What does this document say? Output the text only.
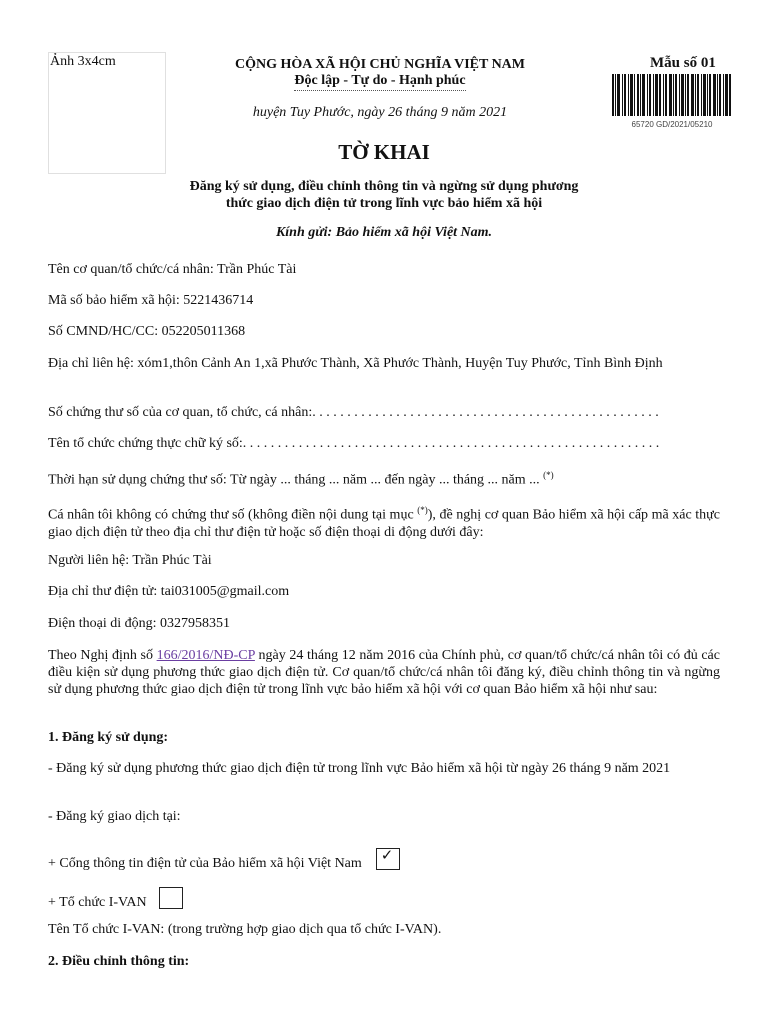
Ảnh 3x4cm	CỘNG HÒA XÃ HỘI CHỦ NGHĨA VIỆT NAM
Độc lập - Tự do - Hạnh phúc
huyện Tuy Phước, ngày 26 tháng 9 năm 2021
Mẫu số 01
65720 GD/2021/05210
TỜ KHAI
Đăng ký sử dụng, điều chỉnh thông tin và ngừng sử dụng phương
thức giao dịch điện tử trong lĩnh vực bảo hiểm xã hội
Kính gửi: Bảo hiểm xã hội Việt Nam.
Tên cơ quan/tổ chức/cá nhân: Trần Phúc Tài
Mã số bảo hiểm xã hội: 5221436714
Số CMND/HC/CC: 052205011368
Địa chỉ liên hệ: xóm1,thôn Cảnh An 1,xã Phước Thành, Xã Phước Thành, Huyện Tuy Phước, Tỉnh Bình Định
Số chứng thư số của cơ quan, tổ chức, cá nhân:. . . . . . . . . . . . . . . . . . . . . . . . . . . . . . . . . . . . . . . . . . . . . . . . . .
Tên tổ chức chứng thực chữ ký số:. . . . . . . . . . . . . . . . . . . . . . . . . . . . . . . . . . . . . . . . . . . . . . . . . . . . . . . . . . . .
Thời hạn sử dụng chứng thư số: Từ ngày ... tháng ... năm ... đến ngày ... tháng ... năm ... (*)
Cá nhân tôi không có chứng thư số (không điền nội dung tại mục (*)), đề nghị cơ quan Bảo hiểm xã hội cấp mã xác thực giao dịch điện tử theo địa chỉ thư điện tử hoặc số điện thoại di động dưới đây:
Người liên hệ: Trần Phúc Tài
Địa chỉ thư điện tử: tai031005@gmail.com
Điện thoại di động: 0327958351
Theo Nghị định số 166/2016/NĐ-CP ngày 24 tháng 12 năm 2016 của Chính phủ, cơ quan/tổ chức/cá nhân tôi có đủ các điều kiện sử dụng phương thức giao dịch điện tử. Cơ quan/tổ chức/cá nhân tôi đăng ký, điều chỉnh thông tin và ngừng sử dụng phương thức giao dịch điện tử trong lĩnh vực bảo hiểm xã hội với cơ quan Bảo hiểm xã hội như sau:
1. Đăng ký sử dụng:
- Đăng ký sử dụng phương thức giao dịch điện tử trong lĩnh vực Bảo hiểm xã hội từ ngày 26 tháng 9 năm 2021
- Đăng ký giao dịch tại:
+ Cổng thông tin điện tử của Bảo hiểm xã hội Việt Nam ✓
+ Tổ chức I-VAN
Tên Tổ chức I-VAN: (trong trường hợp giao dịch qua tổ chức I-VAN).
2. Điều chỉnh thông tin:
